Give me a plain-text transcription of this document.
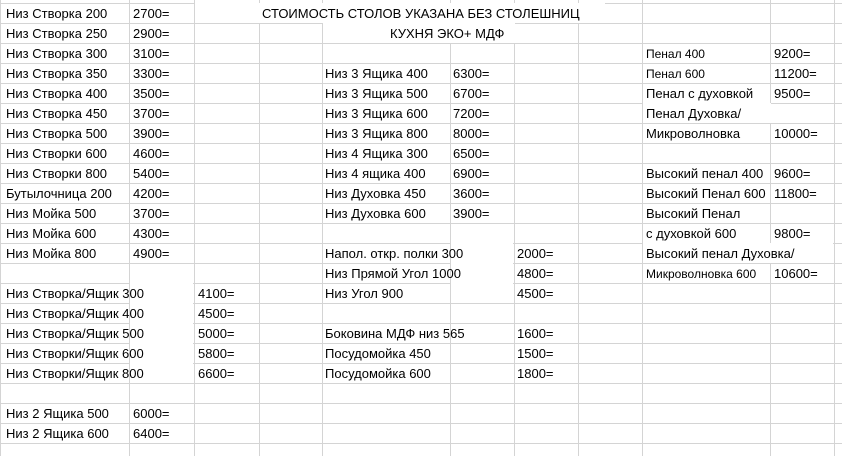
СТОИМОСТЬ СТОЛОВ УКАЗАНА БЕЗ СТОЛЕШНИЦ
КУХНЯ ЭКО+ МДФ
Низ Створка 200 2700=
Низ Створка 250 2900=
Низ Створка 300 3100=
Низ Створка 350 3300=
Низ Створка 400 3500=
Низ Створка 450 3700=
Низ Створка 500 3900=
Низ Створки 600 4600=
Низ Створки 800 5400=
Бутылочница 200 4200=
Низ Мойка 500	3700=
Низ Мойка 600	4300=
Низ Мойка 800	4900=
Низ Створка/Ящик 300	4100=
Низ Створка/Ящик 400	4500=
Низ Створка/Ящик 500	5000=
Низ Створки/Ящик 600	5800=
Низ Створки/Ящик 800	6600=
Низ 2 Ящика 500 6000=
Низ 2 Ящика 600 6400=
Низ 3 Ящика 400 6300=
Низ 3 Ящика 500 6700=
Низ 3 Ящика 600 7200=
Низ 3 Ящика 800 8000=
Низ 4 Ящика 300 6500=
Низ 4 ящика 400 6900=
Низ Духовка 450 3600=
Низ Духовка 600 3900=
Напол. откр. полки 300	2000=
Низ Прямой Угол 1000	4800=
Низ Угол 900	4500=
Боковина МДФ низ 565	1600=
Посудомойка 450	1500=
Посудомойка 600	1800=
Пенал 400	9200=
Пенал 600	11200=
Пенал с духовкой 9500=
Пенал Духовка/
Микроволновка	10000=
Высокий пенал 400 9600=
Высокий Пенал 600 11800=
Высокий Пенал
с духовкой 600	9800=
Высокий пенал Духовка/
Микроволновка 600 10600=
